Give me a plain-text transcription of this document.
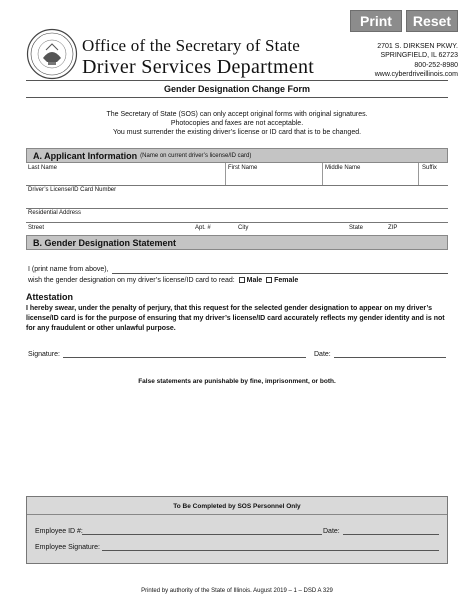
Print	Reset
Office of the Secretary of State
Driver Services Department
2701 S. DIRKSEN PKWY.
SPRINGFIELD, IL 62723
800-252-8980
www.cyberdriveillinois.com
Gender Designation Change Form
The Secretary of State (SOS) can only accept original forms with original signatures.
Photocopies and faxes are not acceptable.
You must surrender the existing driver’s license or ID card that is to be changed.
A. Applicant Information (Name on current driver’s license/ID card)
Last Name	First Name	Middle Name	Suffix
Driver’s License/ID Card Number
Residential Address
Street	Apt. #	City	State	ZIP
B. Gender Designation Statement
I (print name from above),
wish the gender designation on my driver’s license/ID card to read: Male Female
Attestation
I hereby swear, under the penalty of perjury, that this request for the selected gender designation to appear on my driver’s license/ID card is for the purpose of ensuring that my driver’s license/ID card accurately reflects my gender identity and is not for any fraudulent or other unlawful purpose.
Signature:	Date:
False statements are punishable by fine, imprisonment, or both.
To Be Completed by SOS Personnel Only
Employee ID #:	Date:
Employee Signature:
Printed by authority of the State of Illinois. August 2019 – 1 – DSD A 329
